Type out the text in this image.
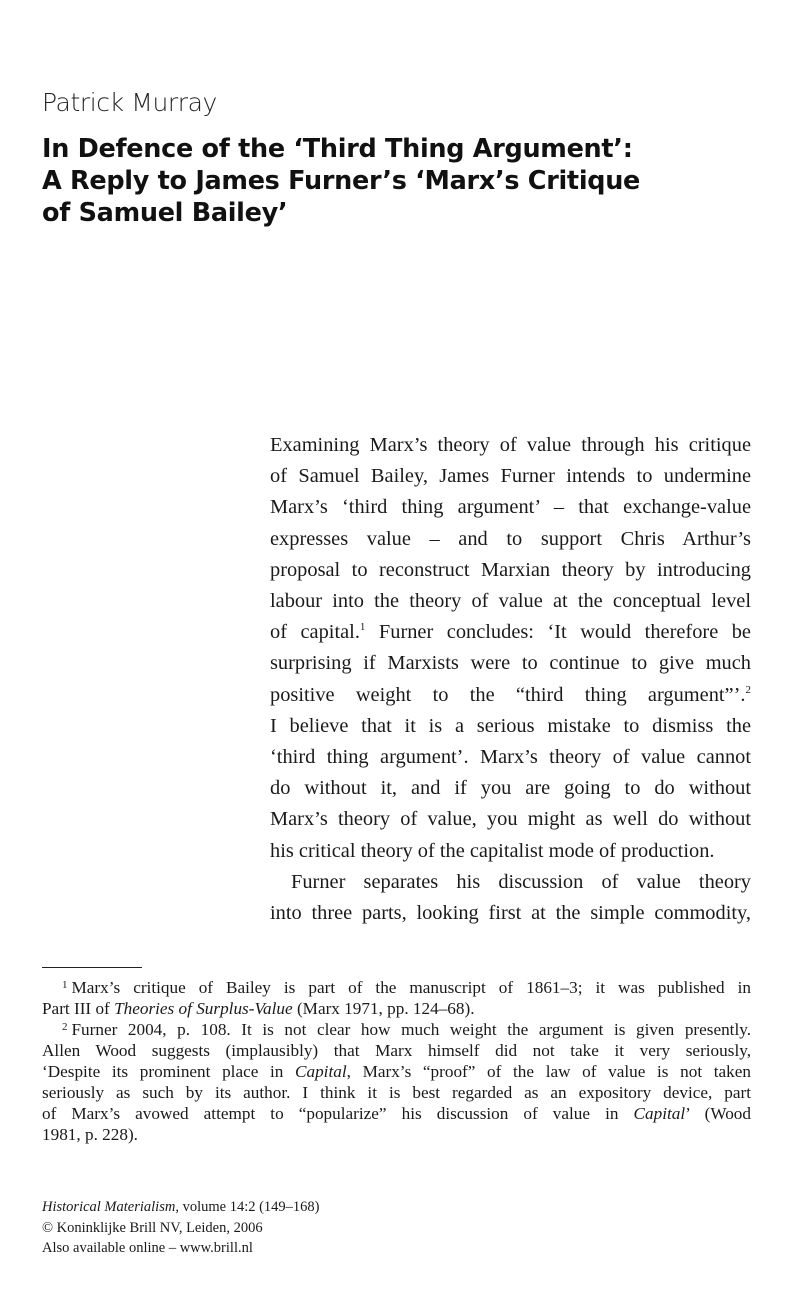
Patrick Murray
In Defence of the ‘Third Thing Argument’:
A Reply to James Furner’s ‘Marx’s Critique
of Samuel Bailey’

Examining Marx’s theory of value through his critique
of Samuel Bailey, James Furner intends to undermine
Marx’s ‘third thing argument’ – that exchange-value
expresses value – and to support Chris Arthur’s
proposal to reconstruct Marxian theory by introducing
labour into the theory of value at the conceptual level
of capital.$^1$ Furner concludes: ‘It would therefore be
surprising if Marxists were to continue to give much
positive weight to the “third thing argument”’.$^2$
I believe that it is a serious mistake to dismiss the
‘third thing argument’. Marx’s theory of value cannot
do without it, and if you are going to do without
Marx’s theory of value, you might as well do without
his critical theory of the capitalist mode of production.

Furner separates his discussion of value theory
into three parts, looking first at the simple commodity,

$^1$ Marx’s critique of Bailey is part of the manuscript of 1861–3; it was published in
Part III of Theories of Surplus-Value (Marx 1971, pp. 124–68).

$^2$ Furner 2004, p. 108. It is not clear how much weight the argument is given presently.
Allen Wood suggests (implausibly) that Marx himself did not take it very seriously,
‘Despite its prominent place in Capital, Marx’s “proof” of the law of value is not taken
seriously as such by its author. I think it is best regarded as an expository device, part
of Marx’s avowed attempt to “popularize” his discussion of value in Capital’ (Wood
1981, p. 228).

Historical Materialism, volume 14:2 (149–168)
© Koninklijke Brill NV, Leiden, 2006
Also available online – www.brill.nl
